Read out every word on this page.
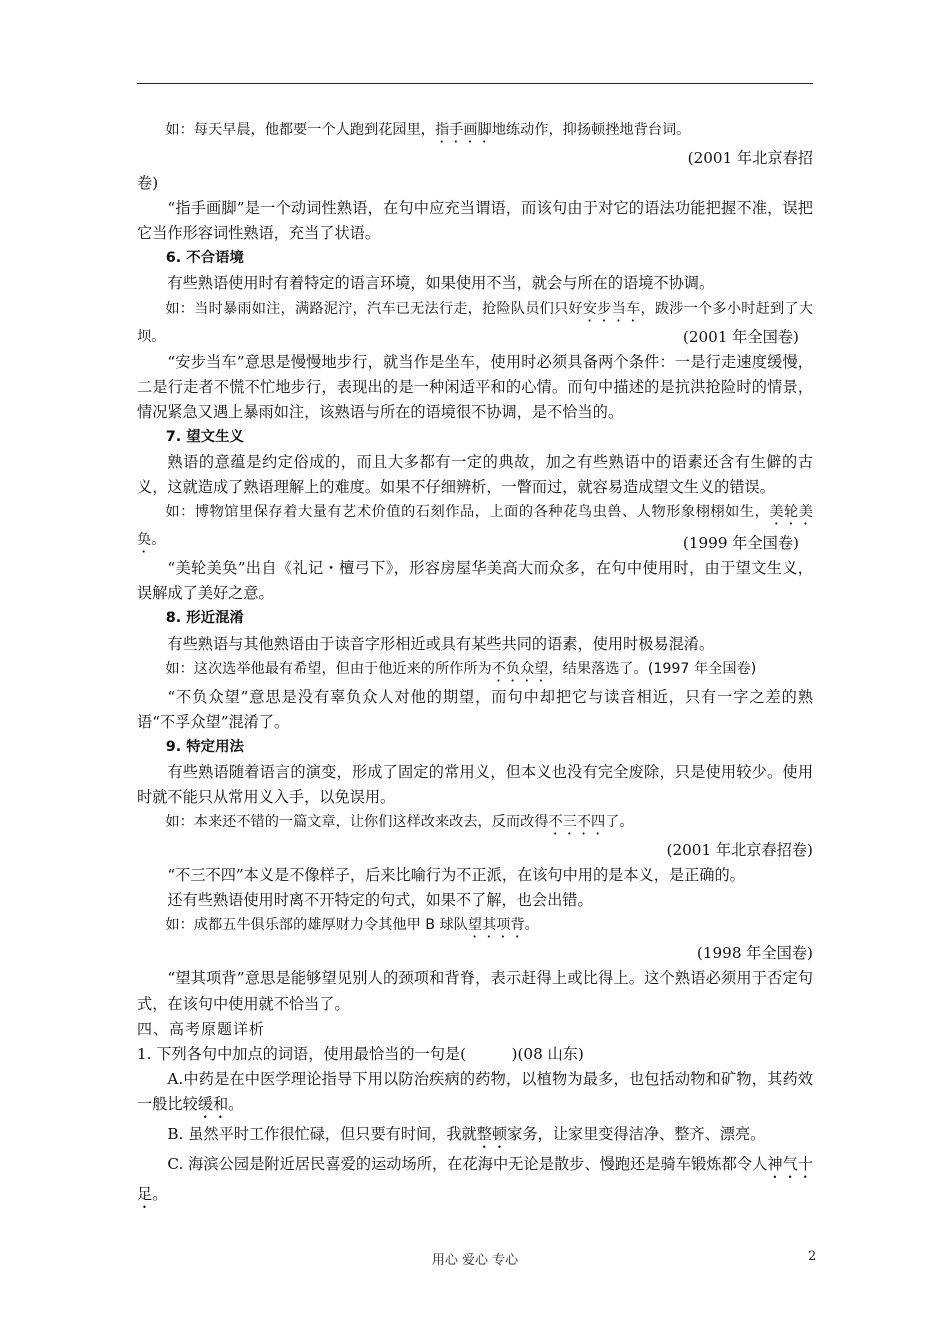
如：每天早晨，他都要一个人跑到花园里，指手画脚地练动作，抑扬顿挫地背台词。

(2001 年北京春招

卷)

“指手画脚”是一个动词性熟语，在句中应充当谓语，而该句由于对它的语法功能把握不准，误把它当作形容词性熟语，充当了状语。

6. 不合语境

有些熟语使用时有着特定的语言环境，如果使用不当，就会与所在的语境不协调。

如：当时暴雨如注，满路泥泞，汽车已无法行走，抢险队员们只好安步当车，跋涉一个多小时赶到了大坝。	(2001 年全国卷)

“安步当车”意思是慢慢地步行，就当作是坐车，使用时必须具备两个条件：一是行走速度缓慢，二是行走者不慌不忙地步行，表现出的是一种闲适平和的心情。而句中描述的是抗洪抢险时的情景，情况紧急又遇上暴雨如注，该熟语与所在的语境很不协调，是不恰当的。

7. 望文生义

熟语的意蕴是约定俗成的，而且大多都有一定的典故，加之有些熟语中的语素还含有生僻的古义，这就造成了熟语理解上的难度。如果不仔细辨析，一瞥而过，就容易造成望文生义的错误。

如：博物馆里保存着大量有艺术价值的石刻作品，上面的各种花鸟虫兽、人物形象栩栩如生，美轮美奂。	(1999 年全国卷)

“美轮美奂”出自《礼记・檀弓下》，形容房屋华美高大而众多，在句中使用时，由于望文生义，误解成了美好之意。

8. 形近混淆

有些熟语与其他熟语由于读音字形相近或具有某些共同的语素，使用时极易混淆。

如：这次选举他最有希望，但由于他近来的所作所为不负众望，结果落选了。(1997 年全国卷)

“不负众望”意思是没有辜负众人对他的期望，而句中却把它与读音相近，只有一字之差的熟语“不孚众望”混淆了。

9. 特定用法

有些熟语随着语言的演变，形成了固定的常用义，但本义也没有完全废除，只是使用较少。使用时就不能只从常用义入手，以免误用。

如：本来还不错的一篇文章，让你们这样改来改去，反而改得不三不四了。

(2001 年北京春招卷)

“不三不四”本义是不像样子，后来比喻行为不正派，在该句中用的是本义，是正确的。

还有些熟语使用时离不开特定的句式，如果不了解，也会出错。

如：成都五牛俱乐部的雄厚财力令其他甲 B 球队望其项背。

(1998 年全国卷)

“望其项背”意思是能够望见别人的颈项和背脊，表示赶得上或比得上。这个熟语必须用于否定句式，在该句中使用就不恰当了。

四、高考原题详析

1. 下列各句中加点的词语，使用最恰当的一句是(　　　)(08 山东)

A.中药是在中医学理论指导下用以防治疾病的药物，以植物为最多，也包括动物和矿物，其药效一般比较缓和。

B. 虽然平时工作很忙碌，但只要有时间，我就整顿家务，让家里变得洁净、整齐、漂亮。

C. 海滨公园是附近居民喜爱的运动场所，在花海中无论是散步、慢跑还是骑车锻炼都令人神气十足。

用心 爱心 专心	2
